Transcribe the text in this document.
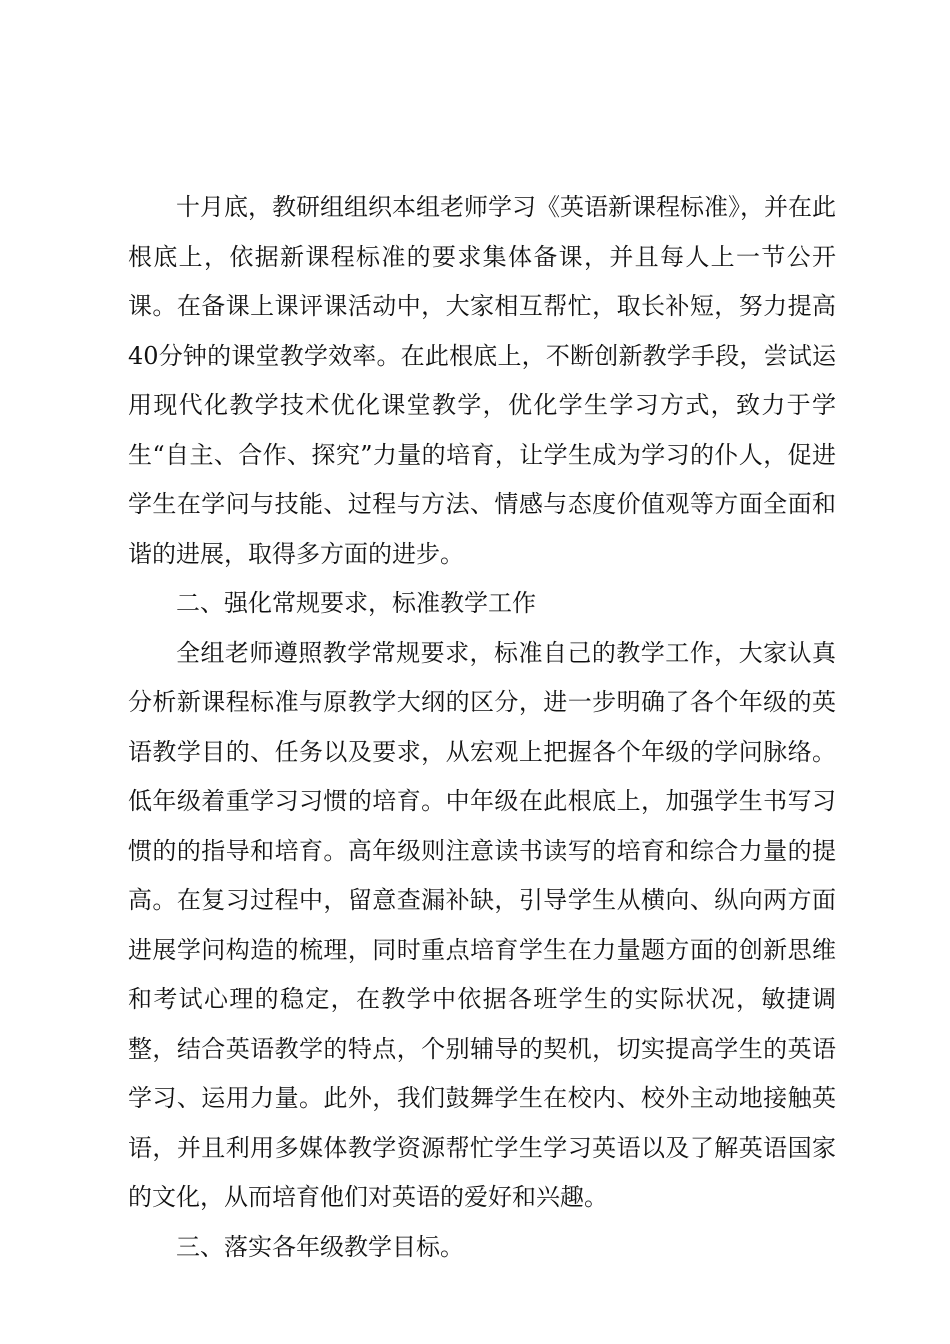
十月底，教研组组织本组老师学习《英语新课程标准》，并在此根底上，依据新课程标准的要求集体备课，并且每人上一节公开课。在备课上课评课活动中，大家相互帮忙，取长补短，努力提高40分钟的课堂教学效率。在此根底上，不断创新教学手段，尝试运用现代化教学技术优化课堂教学，优化学生学习方式，致力于学生“自主、合作、探究”力量的培育，让学生成为学习的仆人，促进学生在学问与技能、过程与方法、情感与态度价值观等方面全面和谐的进展，取得多方面的进步。

二、强化常规要求，标准教学工作

全组老师遵照教学常规要求，标准自己的教学工作，大家认真分析新课程标准与原教学大纲的区分，进一步明确了各个年级的英语教学目的、任务以及要求，从宏观上把握各个年级的学问脉络。低年级着重学习习惯的培育。中年级在此根底上，加强学生书写习惯的的指导和培育。高年级则注意读书读写的培育和综合力量的提高。在复习过程中，留意查漏补缺，引导学生从横向、纵向两方面进展学问构造的梳理，同时重点培育学生在力量题方面的创新思维和考试心理的稳定，在教学中依据各班学生的实际状况，敏捷调整，结合英语教学的特点，个别辅导的契机，切实提高学生的英语学习、运用力量。此外，我们鼓舞学生在校内、校外主动地接触英语，并且利用多媒体教学资源帮忙学生学习英语以及了解英语国家的文化，从而培育他们对英语的爱好和兴趣。

三、落实各年级教学目标。
